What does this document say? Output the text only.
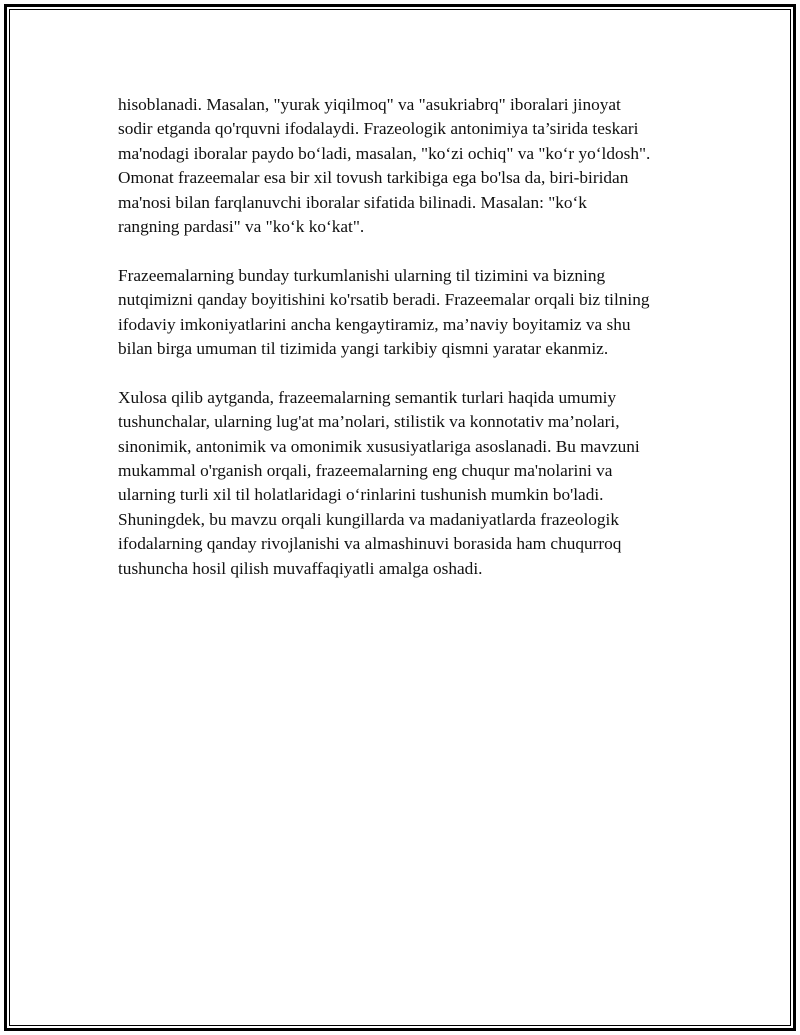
hisoblanadi. Masalan, "yurak yiqilmoq" va "asukriabrq" iboralari jinoyat
sodir etganda qo'rquvni ifodalaydi. Frazeologik antonimiya ta’sirida teskari
ma'nodagi iboralar paydo bo‘ladi, masalan, "ko‘zi ochiq" va "ko‘r yo‘ldosh".
Omonat frazeemalar esa bir xil tovush tarkibiga ega bo'lsa da, biri-biridan
ma'nosi bilan farqlanuvchi iboralar sifatida bilinadi. Masalan: "ko‘k
rangning pardasi" va "ko‘k ko‘kat".

Frazeemalarning bunday turkumlanishi ularning til tizimini va bizning
nutqimizni qanday boyitishini ko'rsatib beradi. Frazeemalar orqali biz tilning
ifodaviy imkoniyatlarini ancha kengaytiramiz, ma’naviy boyitamiz va shu
bilan birga umuman til tizimida yangi tarkibiy qismni yaratar ekanmiz.

Xulosa qilib aytganda, frazeemalarning semantik turlari haqida umumiy
tushunchalar, ularning lug'at ma’nolari, stilistik va konnotativ ma’nolari,
sinonimik, antonimik va omonimik xususiyatlariga asoslanadi. Bu mavzuni
mukammal o'rganish orqali, frazeemalarning eng chuqur ma'nolarini va
ularning turli xil til holatlaridagi o‘rinlarini tushunish mumkin bo'ladi.
Shuningdek, bu mavzu orqali kungillarda va madaniyatlarda frazeologik
ifodalarning qanday rivojlanishi va almashinuvi borasida ham chuqurroq
tushuncha hosil qilish muvaffaqiyatli amalga oshadi.
